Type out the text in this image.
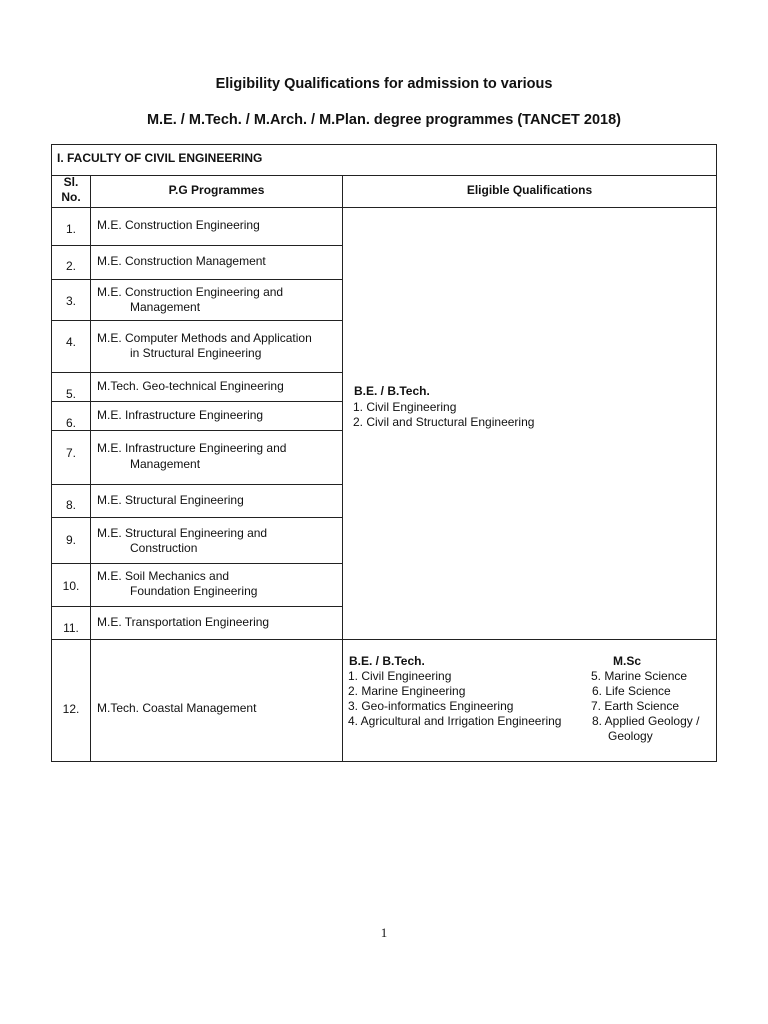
Eligibility Qualifications for admission to various
M.E. / M.Tech. / M.Arch. / M.Plan. degree programmes (TANCET 2018)
I. FACULTY OF CIVIL ENGINEERING
Sl.
No.	P.G Programmes	Eligible Qualifications
1.
2.
3.
4.
5.
6.
7.
8.
9.
10.
11.
12.
M.E. Construction Engineering
M.E. Construction Management
M.E. Construction Engineering and
Management
M.E. Computer Methods and Application
in Structural Engineering
M.Tech. Geo-technical Engineering
M.E. Infrastructure Engineering
M.E. Infrastructure Engineering and
Management
M.E. Structural Engineering
M.E. Structural Engineering and
Construction
M.E. Soil Mechanics and
Foundation Engineering
M.E. Transportation Engineering
M.Tech. Coastal Management
B.E. / B.Tech.
1. Civil Engineering
2. Civil and Structural Engineering
B.E. / B.Tech.
1. Civil Engineering
2. Marine Engineering
3. Geo-informatics Engineering
4. Agricultural and Irrigation Engineering
M.Sc
5. Marine Science
6. Life Science
7. Earth Science
8. Applied Geology /
Geology
1
